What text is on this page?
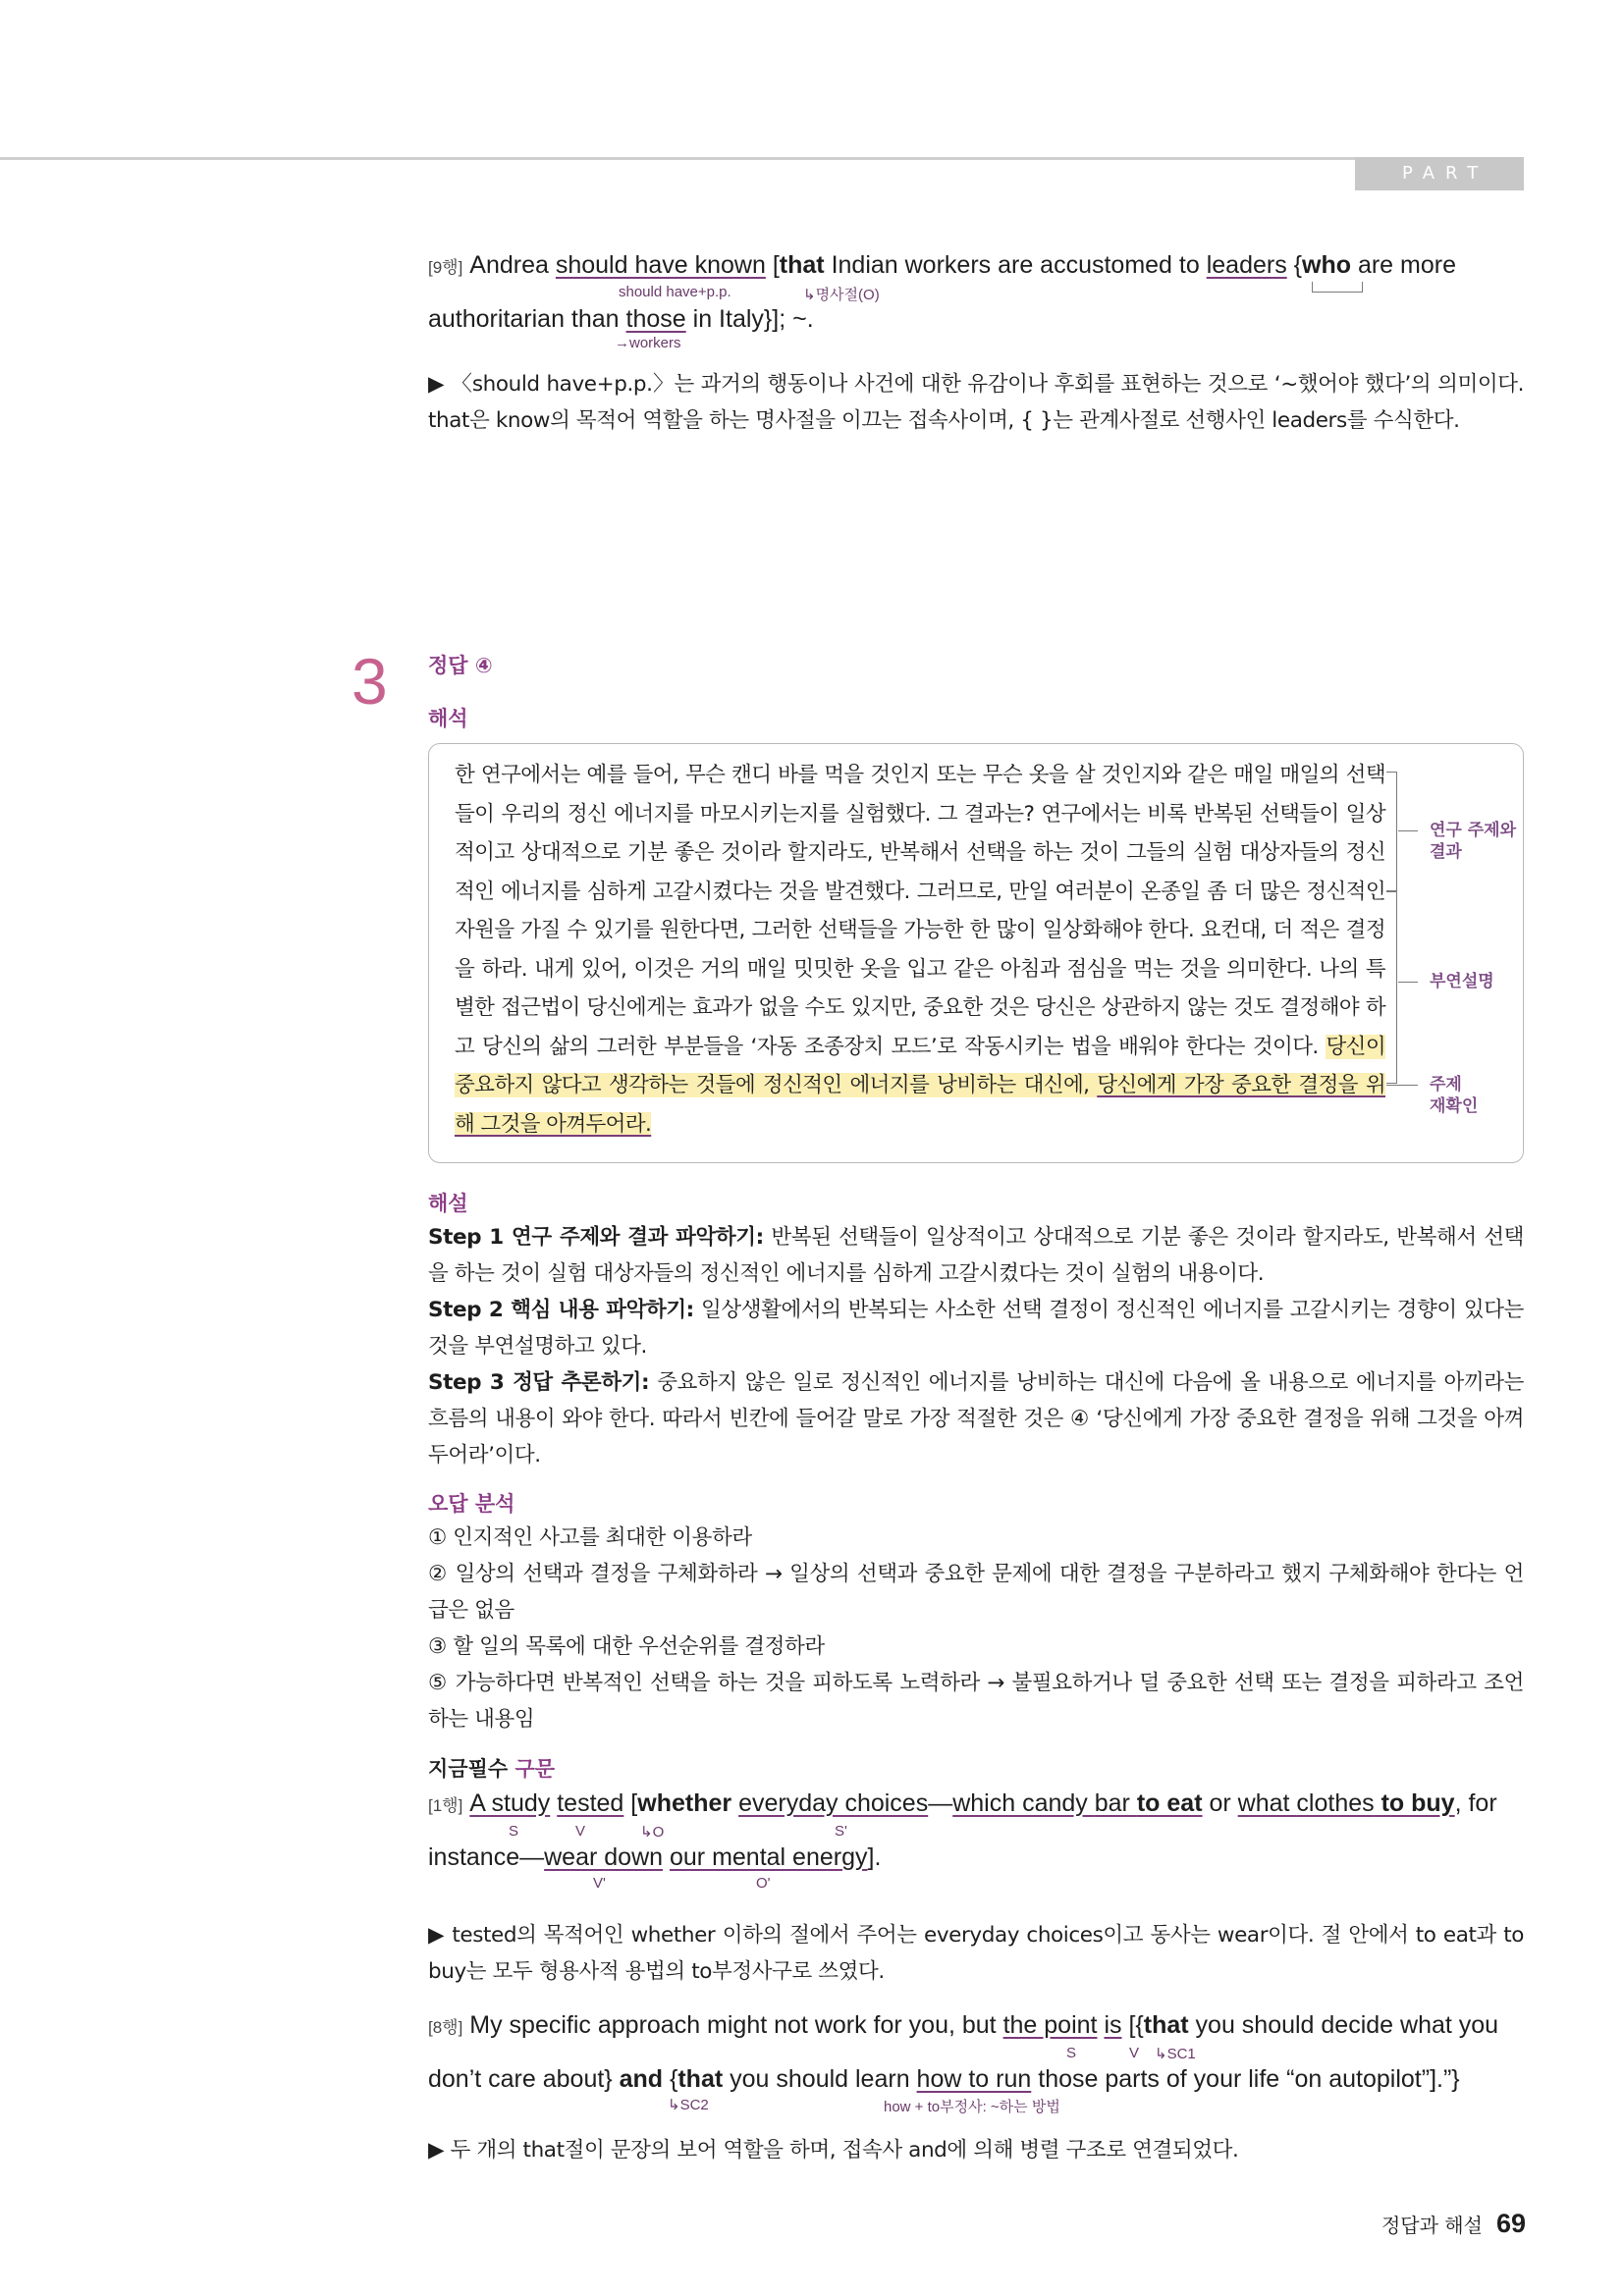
PART Ⅲ

[9행] Andrea should have known [that Indian workers are accustomed to leaders {who are more

authoritarian than those in Italy}]; ~.

should have+p.p.	↳명사절(O)
→workers

▶ 〈should have+p.p.〉는 과거의 행동이나 사건에 대한 유감이나 후회를 표현하는 것으로 ‘~했어야 했다’의 의미이다. that은 know의 목적어 역할을 하는 명사절을 이끄는 접속사이며, { }는 관계사절로 선행사인 leaders를 수식한다.

3 정답 ④

해석

한 연구에서는 예를 들어, 무슨 캔디 바를 먹을 것인지 또는 무슨 옷을 살 것인지와 같은 매일 매일의 선택들이 우리의 정신 에너지를 마모시키는지를 실험했다. 그 결과는? 연구에서는 비록 반복된 선택들이 일상적이고 상대적으로 기분 좋은 것이라 할지라도, 반복해서 선택을 하는 것이 그들의 실험 대상자들의 정신적인 에너지를 심하게 고갈시켰다는 것을 발견했다. 그러므로, 만일 여러분이 온종일 좀 더 많은 정신적인 자원을 가질 수 있기를 원한다면, 그러한 선택들을 가능한 한 많이 일상화해야 한다. 요컨대, 더 적은 결정을 하라. 내게 있어, 이것은 거의 매일 밋밋한 옷을 입고 같은 아침과 점심을 먹는 것을 의미한다. 나의 특별한 접근법이 당신에게는 효과가 없을 수도 있지만, 중요한 것은 당신은 상관하지 않는 것도 결정해야 하고 당신의 삶의 그러한 부분들을 ‘자동 조종장치 모드’로 작동시키는 법을 배워야 한다는 것이다. 당신이 중요하지 않다고 생각하는 것들에 정신적인 에너지를 낭비하는 대신에, 당신에게 가장 중요한 결정을 위해 그것을 아껴두어라.

연구 주제와
결과
부연설명
주제
재확인

해설

Step 1 연구 주제와 결과 파악하기: 반복된 선택들이 일상적이고 상대적으로 기분 좋은 것이라 할지라도, 반복해서 선택을 하는 것이 실험 대상자들의 정신적인 에너지를 심하게 고갈시켰다는 것이 실험의 내용이다.

Step 2 핵심 내용 파악하기: 일상생활에서의 반복되는 사소한 선택 결정이 정신적인 에너지를 고갈시키는 경향이 있다는 것을 부연설명하고 있다.

Step 3 정답 추론하기: 중요하지 않은 일로 정신적인 에너지를 낭비하는 대신에 다음에 올 내용으로 에너지를 아끼라는 흐름의 내용이 와야 한다. 따라서 빈칸에 들어갈 말로 가장 적절한 것은 ④ ‘당신에게 가장 중요한 결정을 위해 그것을 아껴두어라’이다.

오답 분석

① 인지적인 사고를 최대한 이용하라

② 일상의 선택과 결정을 구체화하라 → 일상의 선택과 중요한 문제에 대한 결정을 구분하라고 했지 구체화해야 한다는 언급은 없음

③ 할 일의 목록에 대한 우선순위를 결정하라

⑤ 가능하다면 반복적인 선택을 하는 것을 피하도록 노력하라 → 불필요하거나 덜 중요한 선택 또는 결정을 피하라고 조언하는 내용임

지금필수 구문

[1행] A study tested [whether everyday choices—which candy bar to eat or what clothes to buy, for

instance—wear down our mental energy].

S	V	↳O	S'
V'	O'

▶ tested의 목적어인 whether 이하의 절에서 주어는 everyday choices이고 동사는 wear이다. 절 안에서 to eat과 to buy는 모두 형용사적 용법의 to부정사구로 쓰였다.

[8행] My specific approach might not work for you, but the point is [{that you should decide what you

don’t care about} and {that you should learn how to run those parts of your life “on autopilot”].”}

S	V ↳SC1
↳SC2	how + to부정사: ~하는 방법

▶ 두 개의 that절이 문장의 보어 역할을 하며, 접속사 and에 의해 병렬 구조로 연결되었다.

정답과 해설 69
